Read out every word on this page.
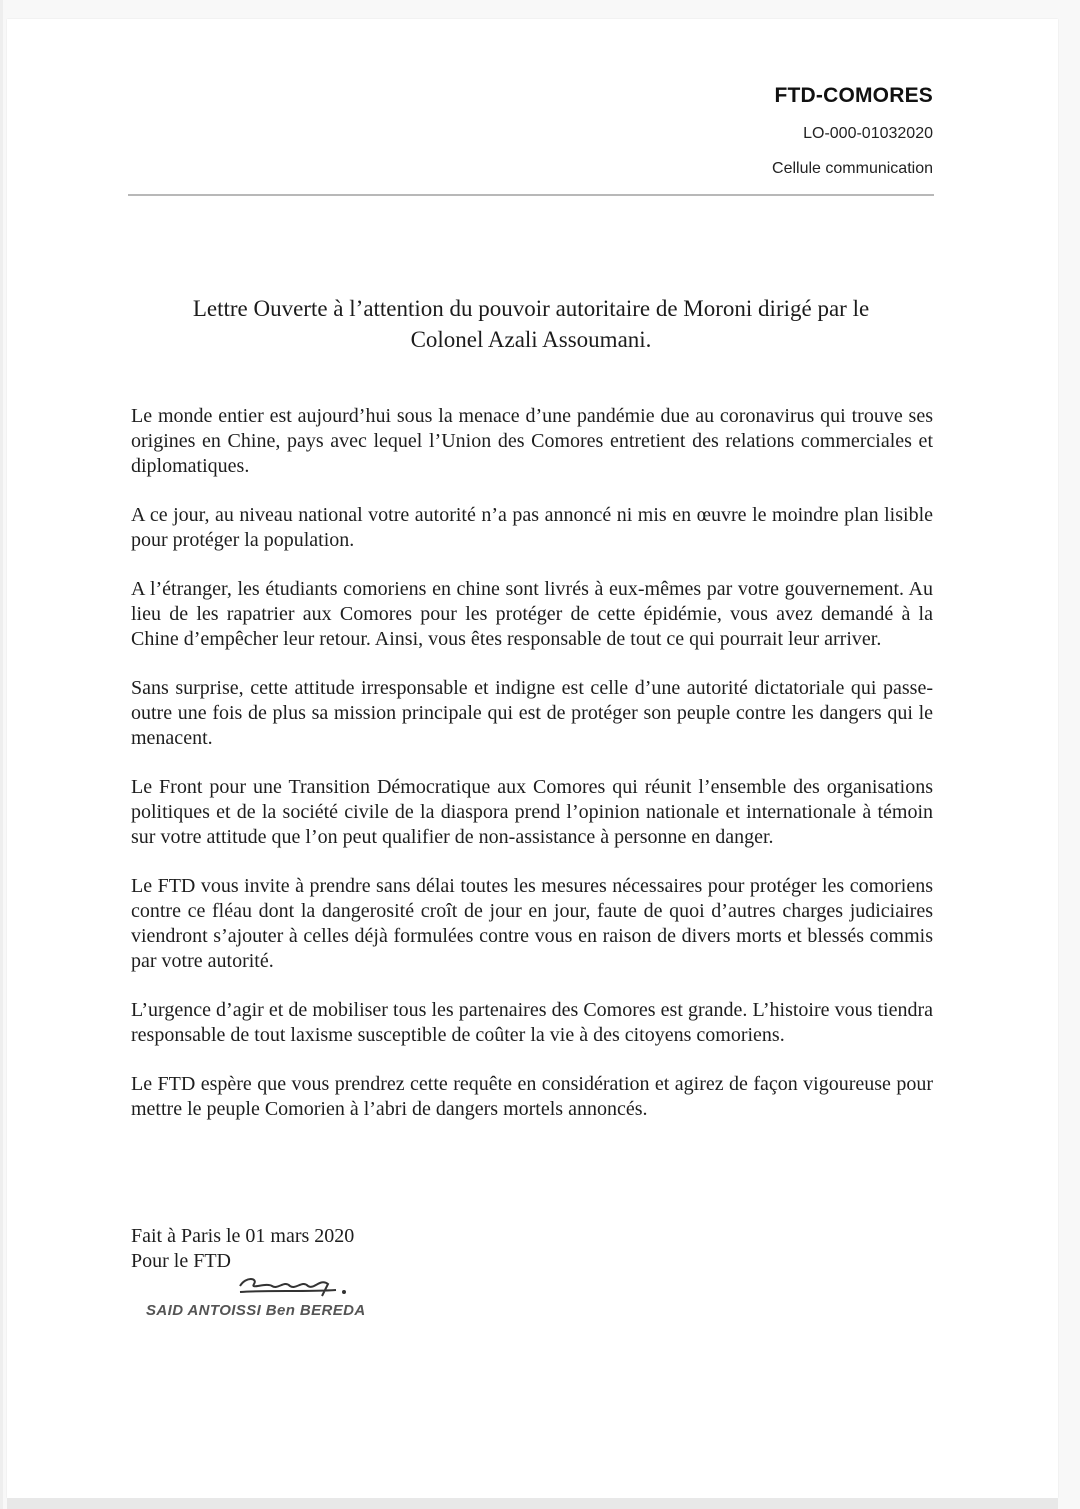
FTD-COMORES
LO-000-01032020
Cellule communication
Lettre Ouverte à l’attention du pouvoir autoritaire de Moroni dirigé par le
Colonel Azali Assoumani.

Le monde entier est aujourd’hui sous la menace d’une pandémie due au coronavirus qui trouve ses origines en Chine, pays avec lequel l’Union des Comores entretient des relations commerciales et diplomatiques.

A ce jour, au niveau national votre autorité n’a pas annoncé ni mis en œuvre le moindre plan lisible pour protéger la population.

A l’étranger, les étudiants comoriens en chine sont livrés à eux-mêmes par votre gouvernement. Au lieu de les rapatrier aux Comores pour les protéger de cette épidémie, vous avez demandé à la Chine d’empêcher leur retour. Ainsi, vous êtes responsable de tout ce qui pourrait leur arriver.

Sans surprise, cette attitude irresponsable et indigne est celle d’une autorité dictatoriale qui passe- outre une fois de plus sa mission principale qui est de protéger son peuple contre les dangers qui le menacent.

Le Front pour une Transition Démocratique aux Comores qui réunit l’ensemble des organisations politiques et de la société civile de la diaspora prend l’opinion nationale et internationale à témoin sur votre attitude que l’on peut qualifier de non-assistance à personne en danger.

Le FTD vous invite à prendre sans délai toutes les mesures nécessaires pour protéger les comoriens contre ce fléau dont la dangerosité croît de jour en jour, faute de quoi d’autres charges judiciaires viendront s’ajouter à celles déjà formulées contre vous en raison de divers morts et blessés commis par votre autorité.

L’urgence d’agir et de mobiliser tous les partenaires des Comores est grande. L’histoire vous tiendra responsable de tout laxisme susceptible de coûter la vie à des citoyens comoriens.

Le FTD espère que vous prendrez cette requête en considération et agirez de façon vigoureuse pour mettre le peuple Comorien à l’abri de dangers mortels annoncés.

Fait à Paris le 01 mars 2020
Pour le FTD
SAID ANTOISSI Ben BEREDA
